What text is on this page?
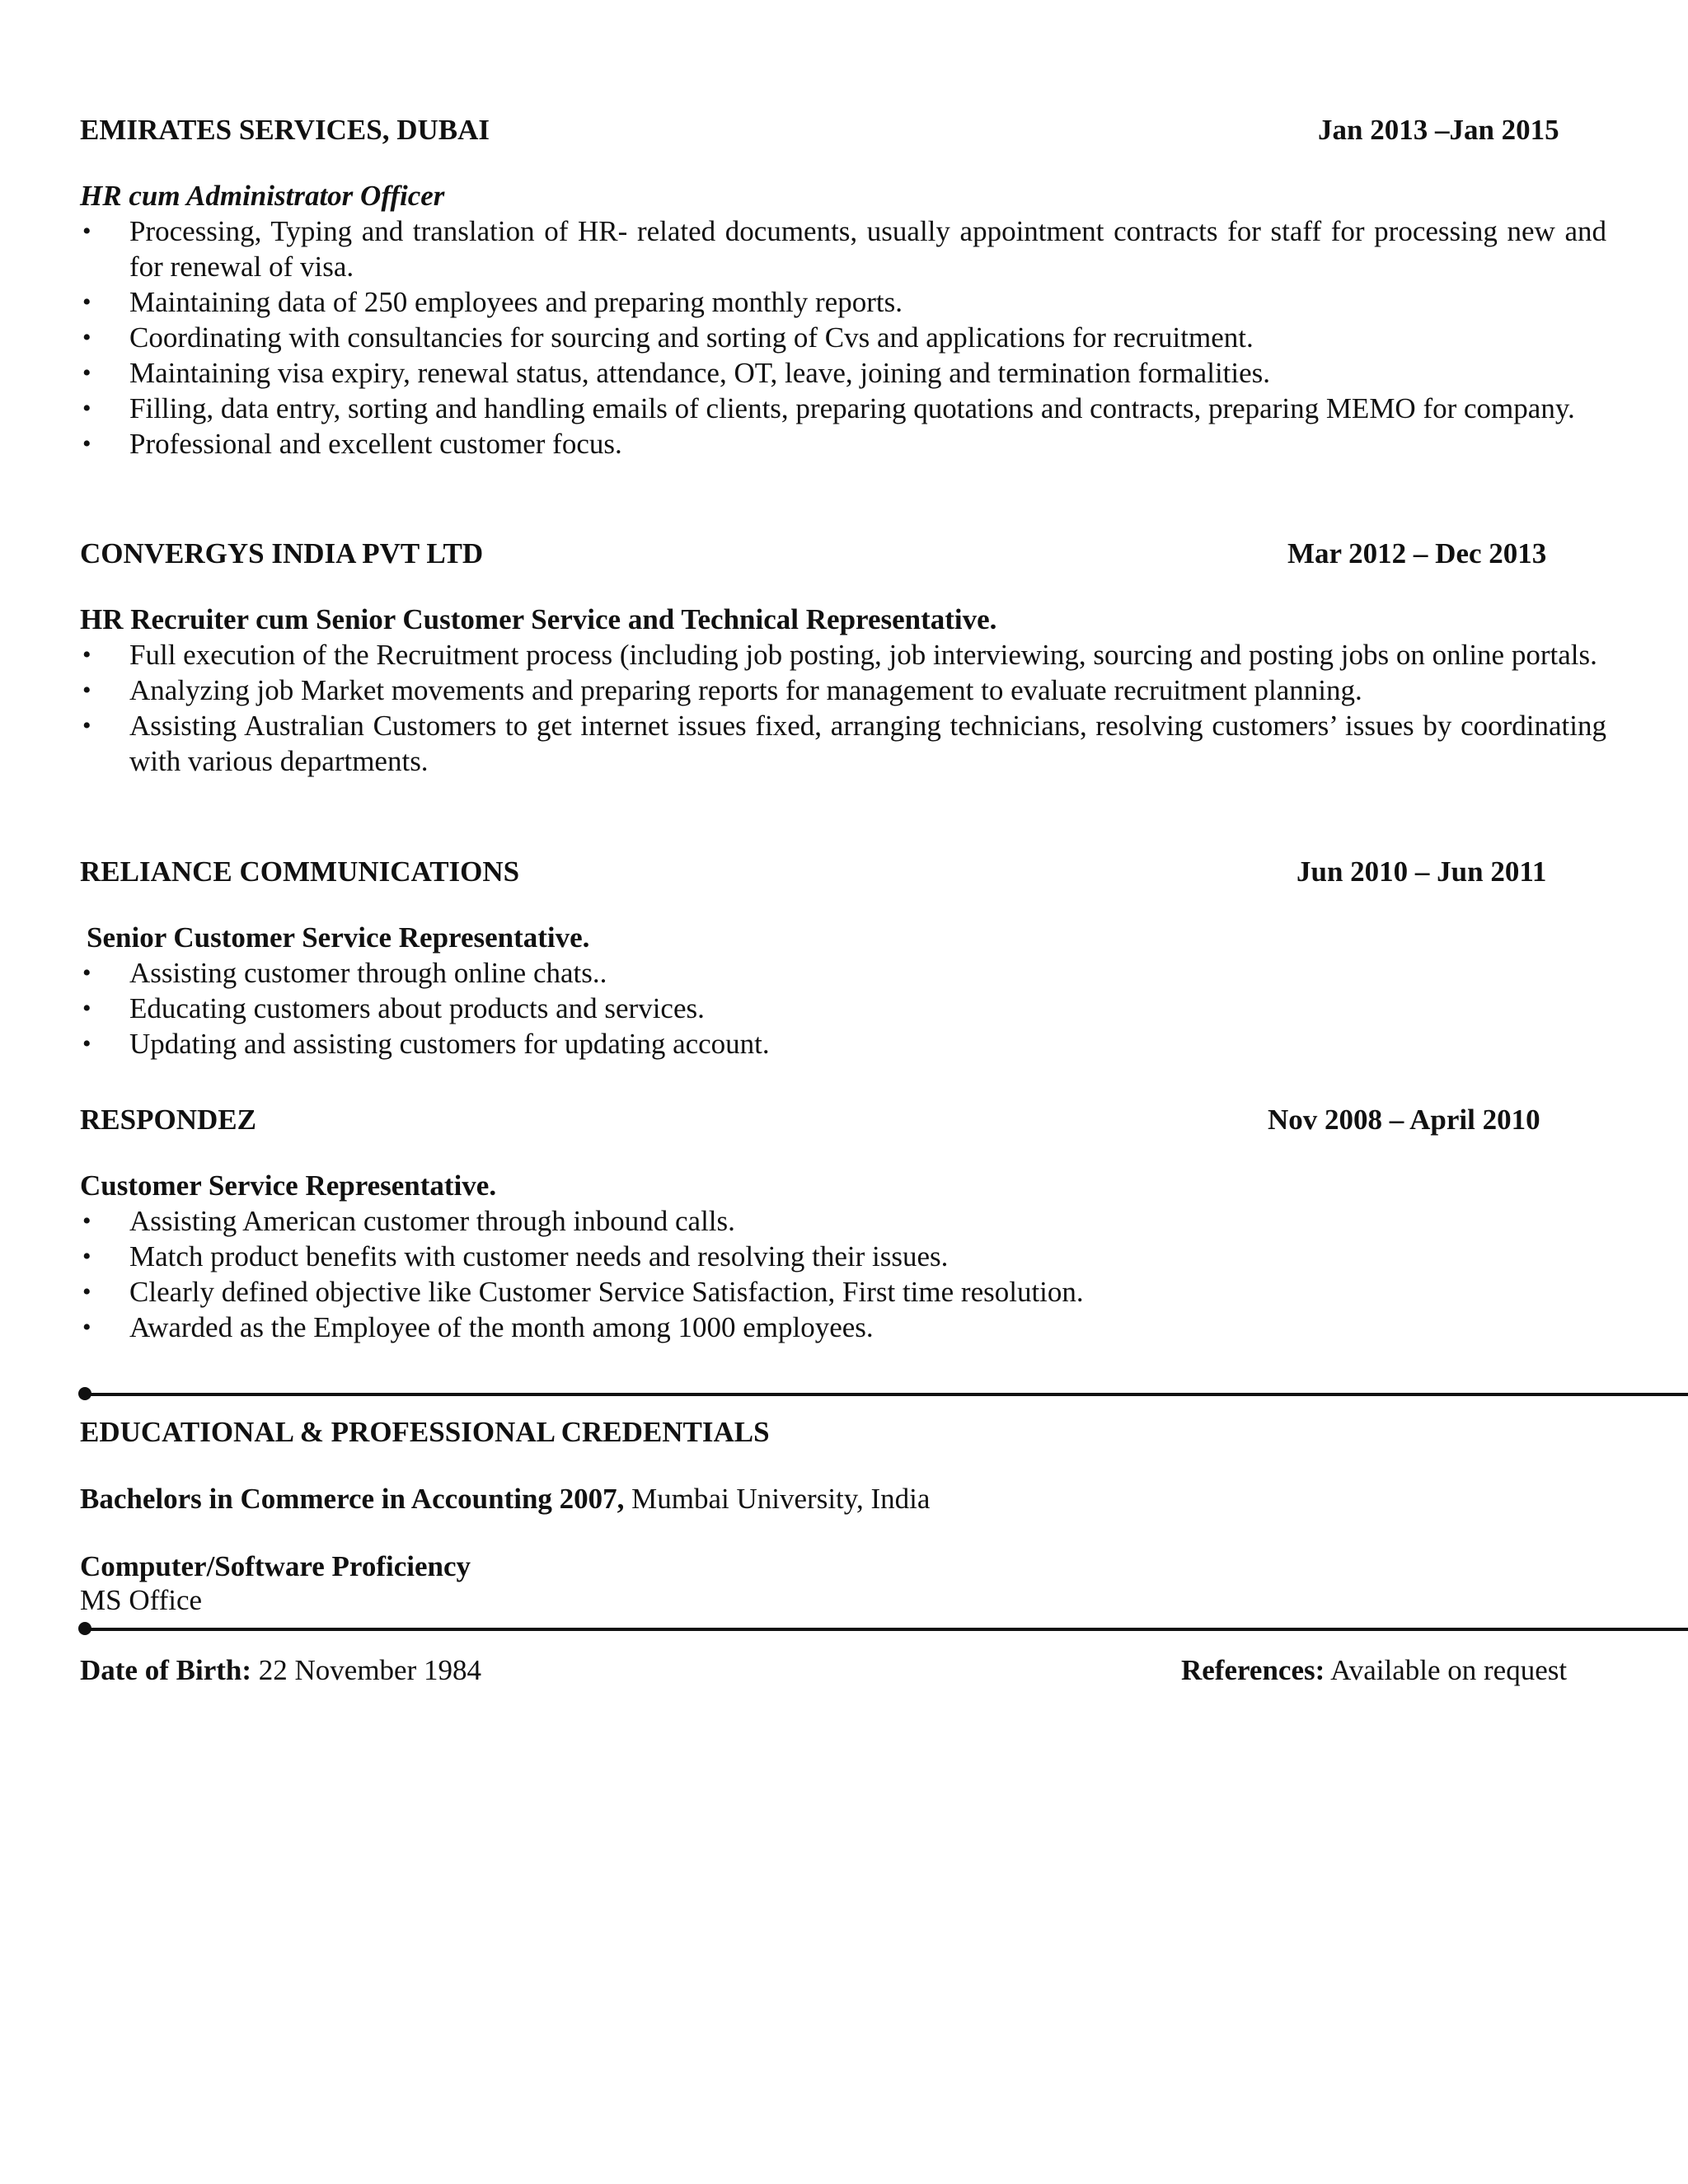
EMIRATES SERVICES, DUBAI	Jan 2013 –Jan 2015
HR cum Administrator Officer
• Processing, Typing and translation of HR- related documents, usually appointment contracts for staff for processing new and for renewal of visa.
• Maintaining data of 250 employees and preparing monthly reports.
• Coordinating with consultancies for sourcing and sorting of Cvs and applications for recruitment.
• Maintaining visa expiry, renewal status, attendance, OT, leave, joining and termination formalities.
• Filling, data entry, sorting and handling emails of clients, preparing quotations and contracts, preparing MEMO for company.
• Professional and excellent customer focus.
CONVERGYS INDIA PVT LTD	Mar 2012 – Dec 2013
HR Recruiter cum Senior Customer Service and Technical Representative.
• Full execution of the Recruitment process (including job posting, job interviewing, sourcing and posting jobs on online portals.
• Analyzing job Market movements and preparing reports for management to evaluate recruitment planning.
• Assisting Australian Customers to get internet issues fixed, arranging technicians, resolving customers’ issues by coordinating with various departments.
RELIANCE COMMUNICATIONS	Jun 2010 – Jun 2011
Senior Customer Service Representative.
• Assisting customer through online chats..
• Educating customers about products and services.
• Updating and assisting customers for updating account.
RESPONDEZ	Nov 2008 – April 2010
Customer Service Representative.
• Assisting American customer through inbound calls.
• Match product benefits with customer needs and resolving their issues.
• Clearly defined objective like Customer Service Satisfaction, First time resolution.
• Awarded as the Employee of the month among 1000 employees.
EDUCATIONAL & PROFESSIONAL CREDENTIALS
Bachelors in Commerce in Accounting 2007, Mumbai University, India
Computer/Software Proficiency
MS Office
Date of Birth: 22 November 1984	References: Available on request
